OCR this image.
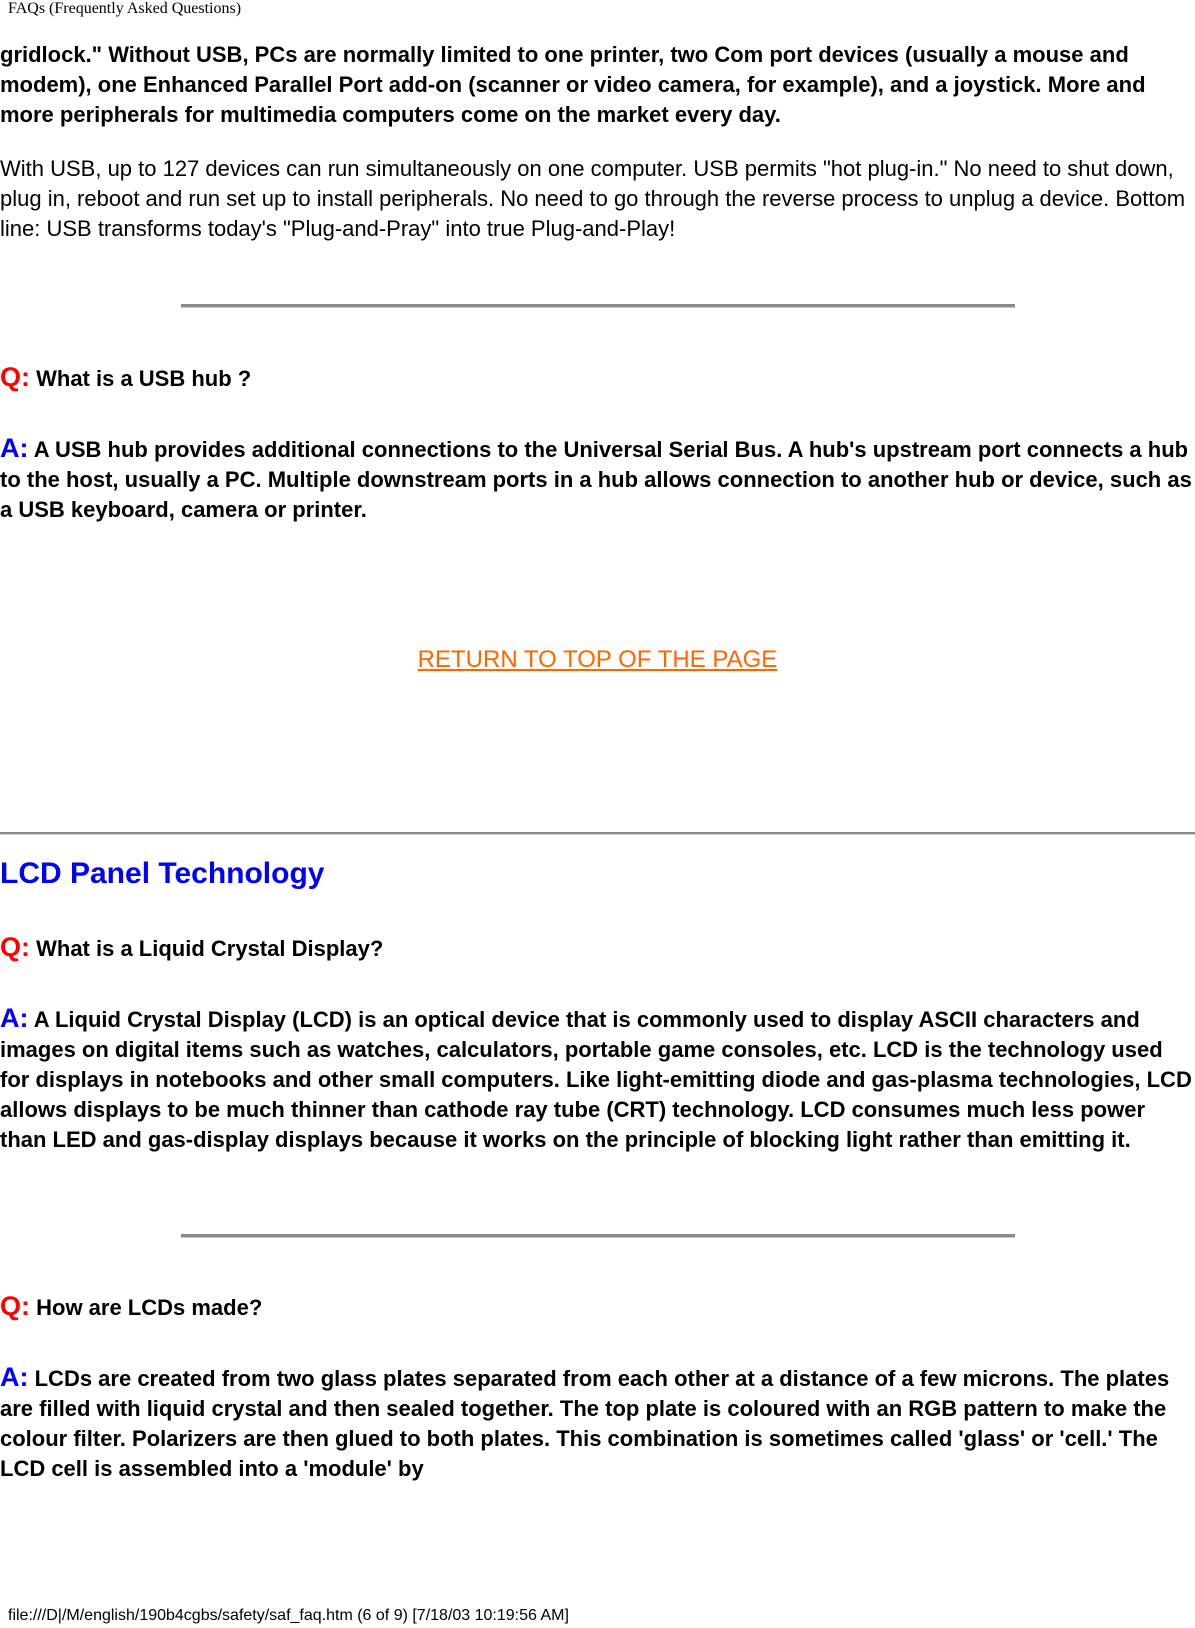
FAQs (Frequently Asked Questions)

gridlock." Without USB, PCs are normally limited to one printer, two Com port devices (usually a mouse and modem), one Enhanced Parallel Port add-on (scanner or video camera, for example), and a joystick. More and more peripherals for multimedia computers come on the market every day.

With USB, up to 127 devices can run simultaneously on one computer. USB permits "hot plug-in." No need to shut down, plug in, reboot and run set up to install peripherals. No need to go through the reverse process to unplug a device. Bottom line: USB transforms today's "Plug-and-Pray" into true Plug-and-Play!

Q: What is a USB hub ?

A: A USB hub provides additional connections to the Universal Serial Bus. A hub's upstream port connects a hub to the host, usually a PC. Multiple downstream ports in a hub allows connection to another hub or device, such as a USB keyboard, camera or printer.

RETURN TO TOP OF THE PAGE
LCD Panel Technology

Q: What is a Liquid Crystal Display?

A: A Liquid Crystal Display (LCD) is an optical device that is commonly used to display ASCII characters and images on digital items such as watches, calculators, portable game consoles, etc. LCD is the technology used for displays in notebooks and other small computers. Like light-emitting diode and gas-plasma technologies, LCD allows displays to be much thinner than cathode ray tube (CRT) technology. LCD consumes much less power than LED and gas-display displays because it works on the principle of blocking light rather than emitting it.

Q: How are LCDs made?

A: LCDs are created from two glass plates separated from each other at a distance of a few microns. The plates are filled with liquid crystal and then sealed together. The top plate is coloured with an RGB pattern to make the colour filter. Polarizers are then glued to both plates. This combination is sometimes called 'glass' or 'cell.' The LCD cell is assembled into a 'module' by

file:///D|/M/english/190b4cgbs/safety/saf_faq.htm (6 of 9) [7/18/03 10:19:56 AM]
